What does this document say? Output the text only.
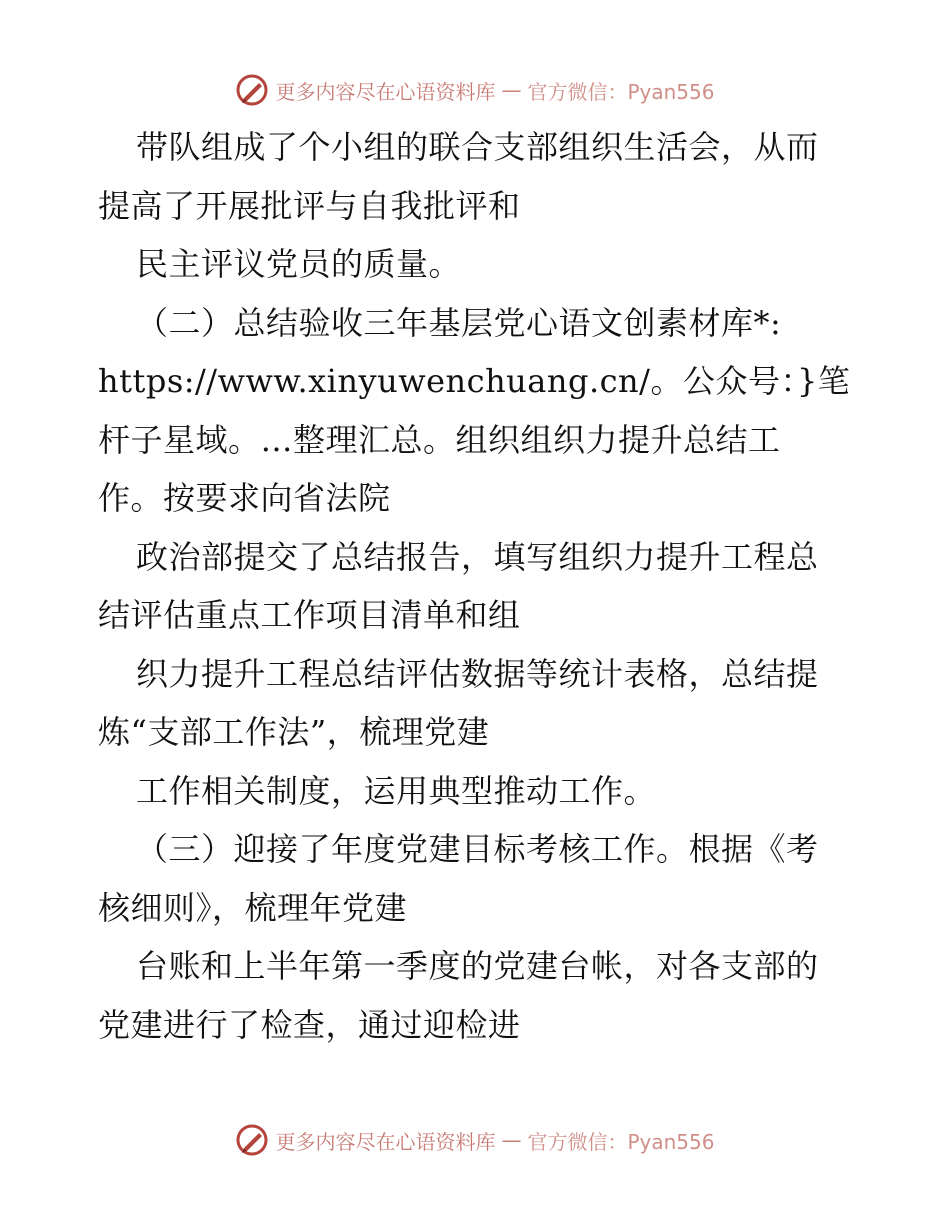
更多内容尽在心语资料库 — 官方微信：Pyan556
带队组成了个小组的联合支部组织生活会，从而
提高了开展批评与自我批评和
民主评议党员的质量。
（二）总结验收三年基层党心语文创素材库*:
https://www.xinyuwenchuang.cn/。公众号：}笔
杆子星域。…整理汇总。组织组织力提升总结工
作。按要求向省法院
政治部提交了总结报告，填写组织力提升工程总
结评估重点工作项目清单和组
织力提升工程总结评估数据等统计表格，总结提
炼“支部工作法”，梳理党建
工作相关制度，运用典型推动工作。
（三）迎接了年度党建目标考核工作。根据《考
核细则》，梳理年党建
台账和上半年第一季度的党建台帐，对各支部的
党建进行了检查，通过迎检进
更多内容尽在心语资料库 — 官方微信：Pyan556
